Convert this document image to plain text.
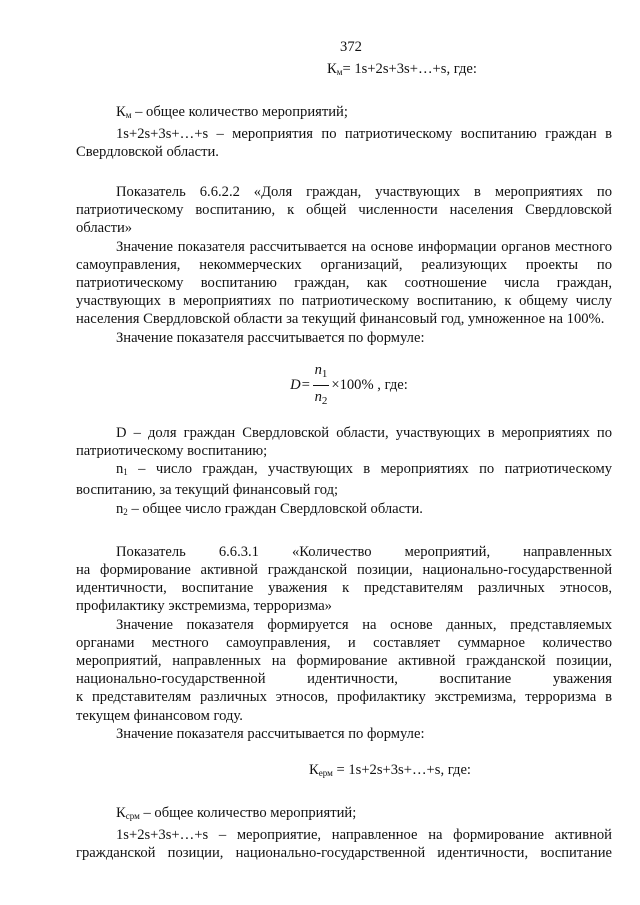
372
$К_м=$ 1s+2s+3s+…+s, где:

$К_м$ – общее количество мероприятий;

1s+2s+3s+…+s – мероприятия по патриотическому воспитанию граждан в Свердловской области.

Показатель 6.6.2.2 «Доля граждан, участвующих в мероприятиях по патриотическому воспитанию, к общей численности населения Свердловской области»

Значение показателя рассчитывается на основе информации органов местного самоуправления, некоммерческих организаций, реализующих проекты по патриотическому воспитанию граждан, как соотношение числа граждан, участвующих в мероприятиях по патриотическому воспитанию, к общему числу населения Свердловской области за текущий финансовый год, умноженное на 100%.

Значение показателя рассчитывается по формуле:

$D= \frac{n_1}{n_2} \times 100\%$ , где:

D – доля граждан Свердловской области, участвующих в мероприятиях по патриотическому воспитанию;

$n_1$ – число граждан, участвующих в мероприятиях по патриотическому воспитанию, за текущий финансовый год;

$n_2$ – общее число граждан Свердловской области.

Показатель 6.6.3.1 «Количество мероприятий, направленных

на формирование активной гражданской позиции, национально-государственной идентичности, воспитание уважения к представителям различных этносов, профилактику экстремизма, терроризма»

Значение показателя формируется на основе данных, представляемых органами местного самоуправления, и составляет суммарное количество мероприятий, направленных на формирование активной гражданской позиции,

национально-государственной	идентичности,	воспитание	уважения

к представителям различных этносов, профилактику экстремизма, терроризма в текущем финансовом году.

Значение показателя рассчитывается по формуле:

$К_{ерм}$ = 1s+2s+3s+…+s, где:

$К_{срм}$ – общее количество мероприятий;

1s+2s+3s+…+s – мероприятие, направленное на формирование активной гражданской позиции, национально-государственной идентичности, воспитание
